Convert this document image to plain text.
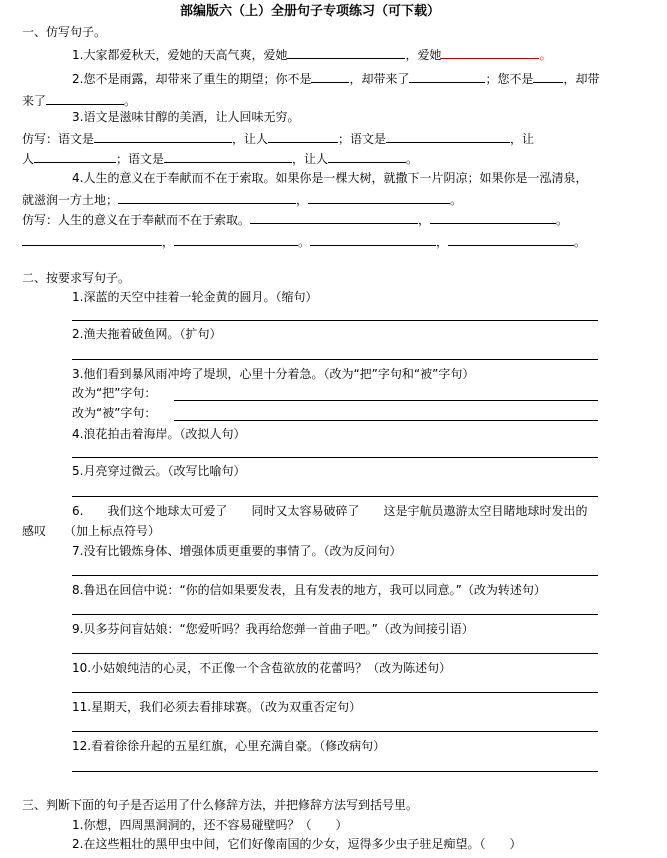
部编版六（上）全册句子专项练习（可下载）
一、仿写句子。
1.大家都爱秋天，爱她的天高气爽，爱她	，爱她	。
2.您不是雨露，却带来了重生的期望；你不是	，却带来了	；您不是	，却带
来了	。
3.语文是滋味甘醇的美酒，让人回味无穷。
仿写：语文是	，让人	；语文是	，让
人	；语文是	，让人	。
4.人生的意义在于奉献而不在于索取。如果你是一棵大树，就撒下一片阴凉；如果你是一泓清泉，
就滋润一方土地；	，	。
仿写：人生的意义在于奉献而不在于索取。	，	。
，	。	，	。
二、按要求写句子。
1.深蓝的天空中挂着一轮金黄的圆月。（缩句）
2.渔夫拖着破鱼网。（扩句）
3.他们看到暴风雨冲垮了堤坝，心里十分着急。（改为“把”字句和“被”字句）
改为“把”字句：
改为“被”字句：
4.浪花拍击着海岸。（改拟人句）
5.月亮穿过微云。（改写比喻句）
6.　　我们这个地球太可爱了　　同时又太容易破碎了　　这是宇航员遨游太空目睹地球时发出的
感叹　　（加上标点符号）
7.没有比锻炼身体、增强体质更重要的事情了。（改为反问句）
8.鲁迅在回信中说：“你的信如果要发表，且有发表的地方，我可以同意。”（改为转述句）
9.贝多芬问盲姑娘：“您爱听吗？我再给您弹一首曲子吧。”（改为间接引语）
10.小姑娘纯洁的心灵，不正像一个含苞欲放的花蕾吗？（改为陈述句）
11.星期天，我们必须去看排球赛。（改为双重否定句）
12.看着徐徐升起的五星红旗，心里充满自豪。（修改病句）
三、判断下面的句子是否运用了什么修辞方法，并把修辞方法写到括号里。
1.你想，四周黑洞洞的，还不容易碰壁吗？（　　）
2.在这些粗壮的黑甲虫中间，它们好像南国的少女，逗得多少虫子驻足痴望。（　　）
